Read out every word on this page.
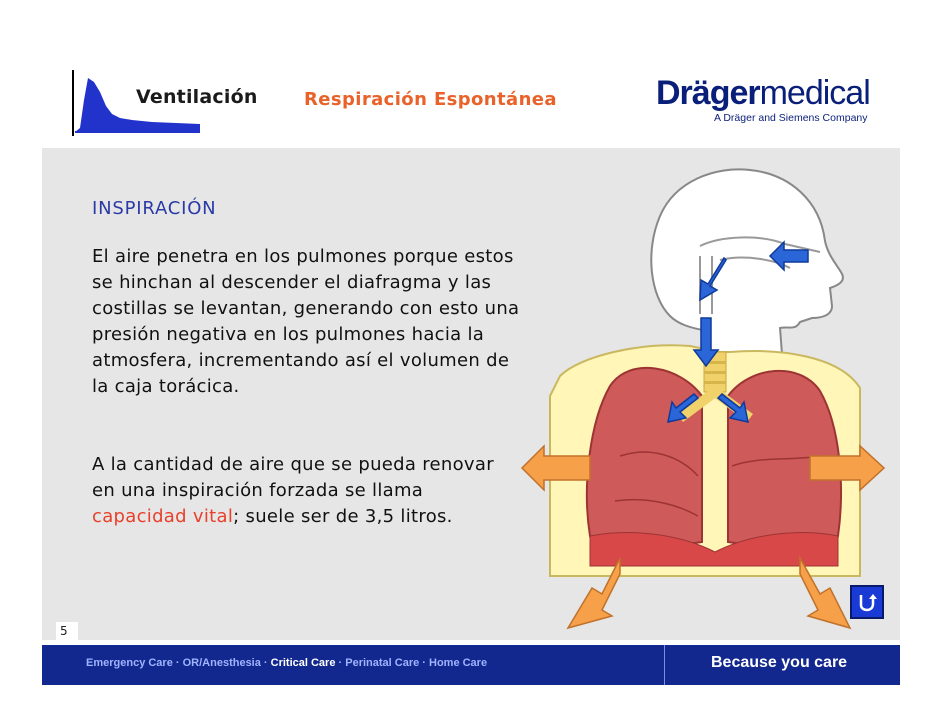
Ventilación	Respiración Espontánea	Drägermedical
A Dräger and Siemens Company
INSPIRACIÓN
El aire penetra en los pulmones porque estos se hinchan al descender el diafragma y las costillas se levantan, generando con esto una presión negativa en los pulmones hacia la atmosfera, incrementando así el volumen de la caja torácica.
A la cantidad de aire que se pueda renovar en una inspiración forzada se llama capacidad vital; suele ser de 3,5 litros.
5
Emergency Care · OR/Anesthesia · Critical Care · Perinatal Care · Home Care	Because you care
